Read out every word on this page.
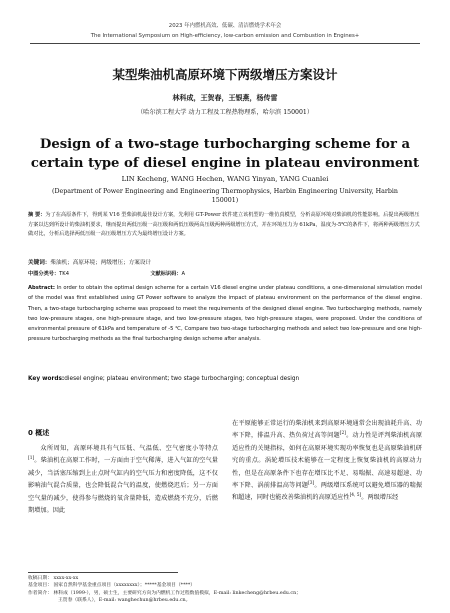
2023 年内燃机高效、低碳、清洁燃烧学术年会
The International Symposium on High-efficiency, low-carbon emission and Combustion in Engines+
某型柴油机高原环境下两级增压方案设计
林科成，王贺春，王银燕，杨传雷
（哈尔滨工程大学 动力工程及工程热物理系，哈尔滨 150001）
Design of a two-stage turbocharging scheme for a certain type of diesel engine in plateau environment
LIN Kecheng, WANG Hechen, WANG Yinyan, YANG Cuanlei
(Department of Power Engineering and Engineering Thermophysics, Harbin Engineering University, Harbin 150001)
摘 要：为了在高原条件下，得到某 V16 型柴油机最佳设计方案，先利用 GT-Power 软件建立该机型的一维仿真模型，分析高原环境对柴油机的性能影响。后提出两级增压方案以达到所设计的柴油机要求，继而提出两低压级一高压级和两低压级两高压级两种两级增压方式，并在环境压力为 61kPa，温度为-5℃的条件下，将两种两级增压方式做对比，分析后选择两低压级一高压级增压方式为最终增压设计方案。
关键词：柴油机；高原环境；两级增压；方案设计
中图分类号：TK4	文献标识码：A
Abstract: In order to obtain the optimal design scheme for a certain V16 diesel engine under plateau conditions, a one-dimensional simulation model of the model was first established using GT Power software to analyze the impact of plateau environment on the performance of the diesel engine. Then, a two-stage turbocharging scheme was proposed to meet the requirements of the designed diesel engine. Two turbocharging methods, namely two low-pressure stages, one high-pressure stage, and two low-pressure stages, two high-pressure stages, were proposed. Under the conditions of environmental pressure of 61kPa and temperature of -5 ℃, Compare two two-stage turbocharging methods and select two low-pressure and one high-pressure turbocharging methods as the final turbocharging design scheme after analysis.
Key words:diesel engine; plateau environment; two stage turbocharging; conceptual design
0 概述
众所周知，高原环境具有气压低、气温低、空气密度小等特点[1]。柴油机在高原工作时，一方面由于空气稀薄，进入气缸的空气量减少，当活塞压缩到上止点时气缸内的空气压力和密度降低，这不仅影响油气混合质量，也会降低混合气的温度，使燃烧迟后；另一方面空气量的减少，使得参与燃烧的氧含量降低，造成燃烧不充分，后燃期增加。因此
在平原能够正常运行的柴油机来到高原环境通常会出现油耗升高、功率下降，排温升高、热负荷过高等问题[2]。动力性是评判柴油机高原适应性的关键指标，如何在高原环境实现功率恢复也是高原柴油机研究的重点。涡轮增压技术能够在一定程度上恢复柴油机的高原动力性，但是在高原条件下也存在增压比不足、易喘振、高速易超速、功率下降、涡前排温高等问题[3]。两级增压系统可以避免增压器的喘振和超速，同时也能改善柴油机的高原适应性[4, 5]。两级增压经
收稿日期： xxxx-xx-xx
基金项目： 国家自然科学基金重点项目（xxxxxxxx）；*****基金项目（****）
作者简介： 林科成（1999-），男，硕士生，主要研究方向为内燃机工作过程数值模拟，E-mail: linkecheng@hrbeu.edu.cn；
王贺春（联系人），E-mail: wanghechun@hrbeu.edu.cn。
